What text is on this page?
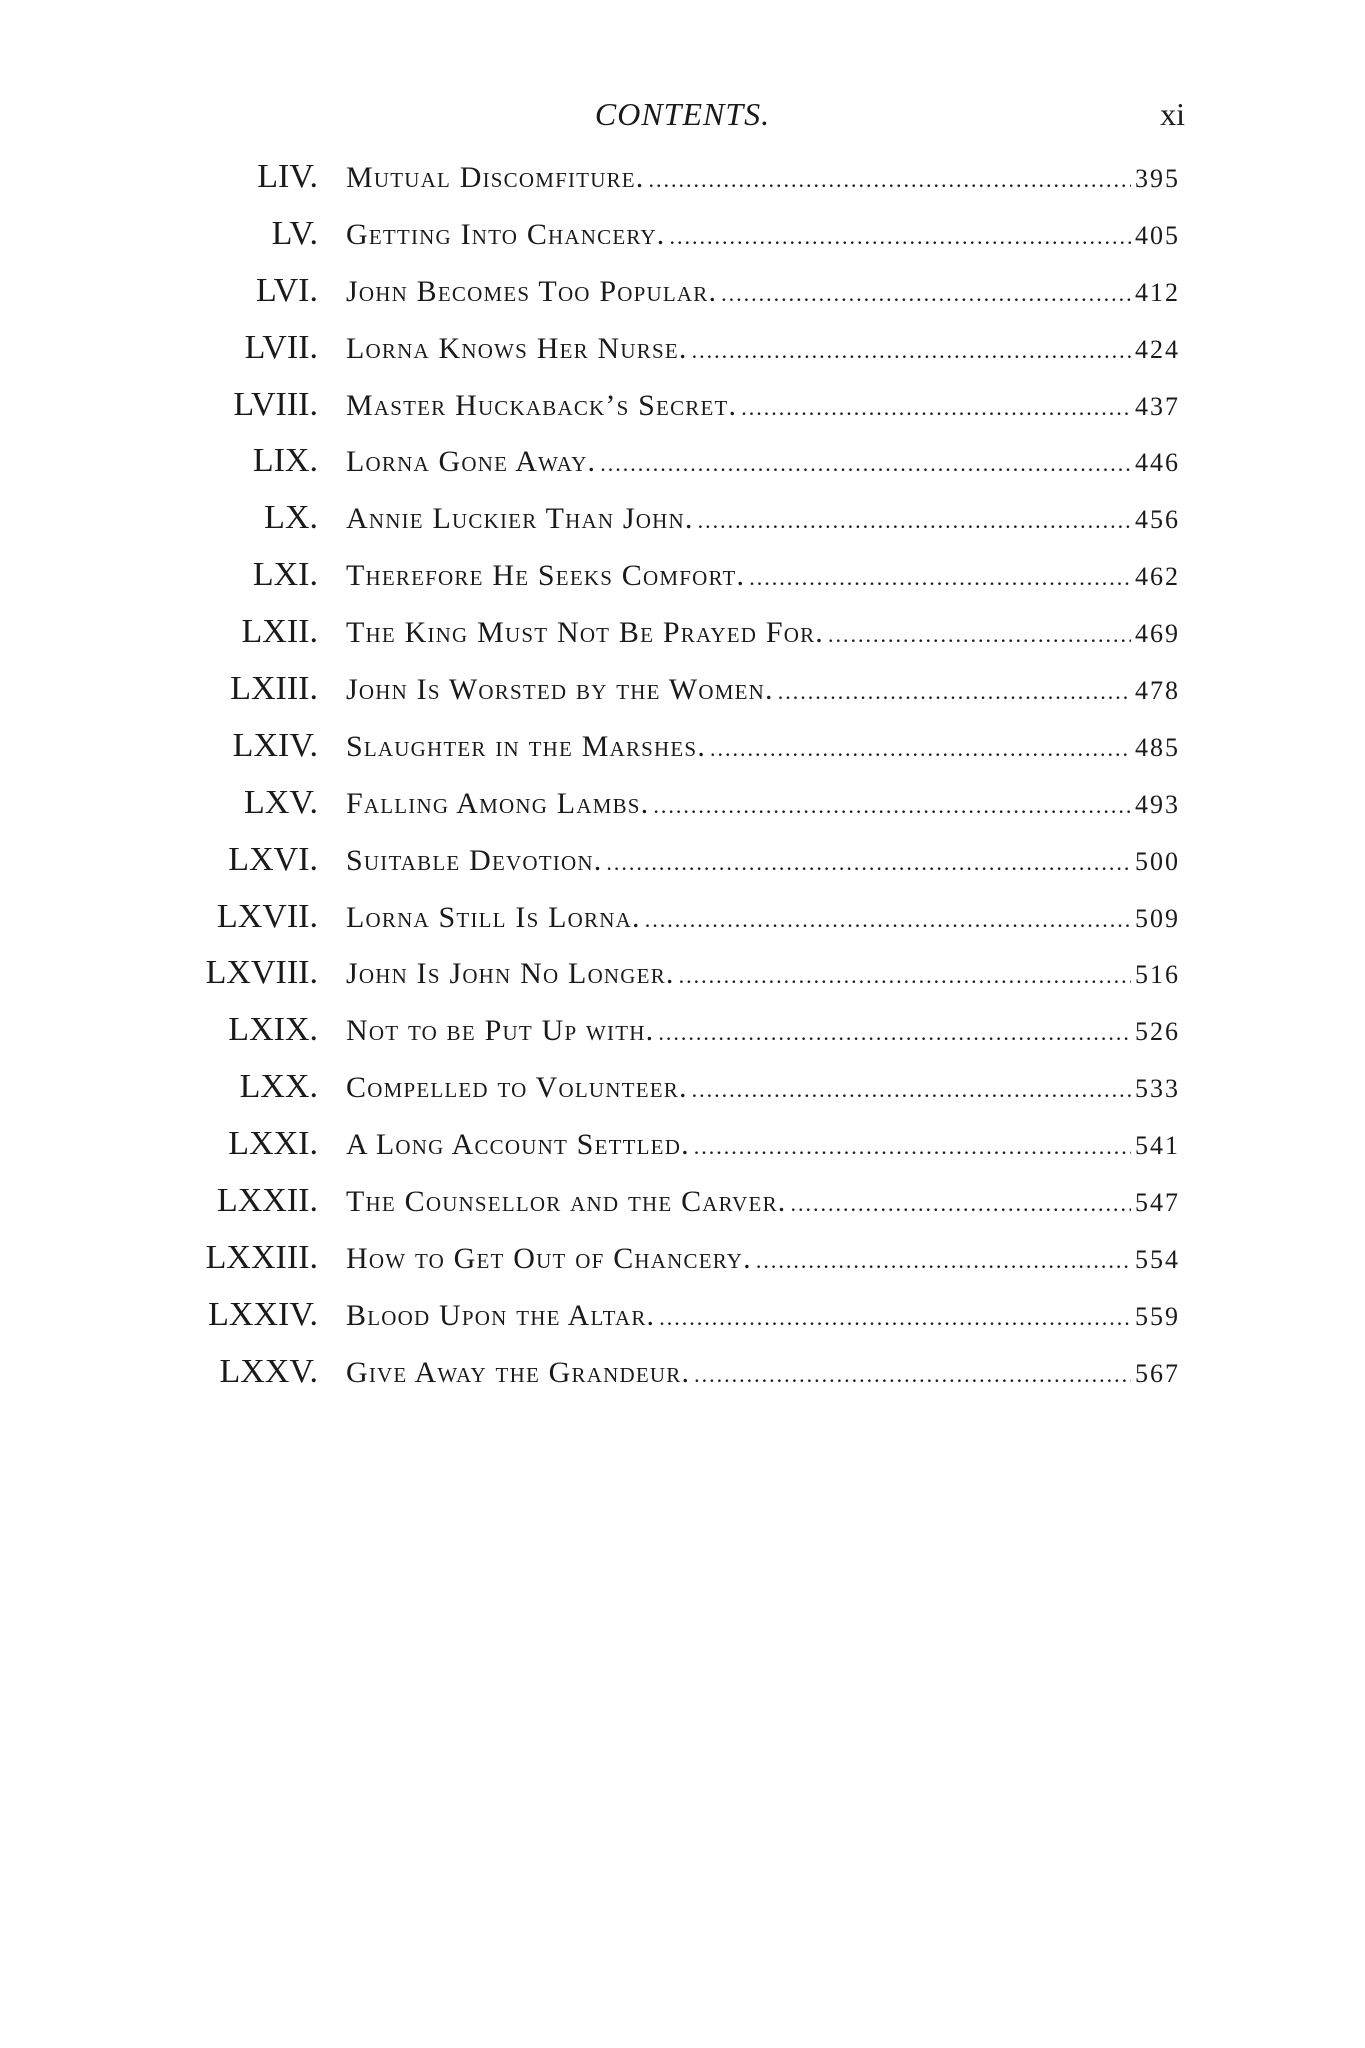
CONTENTS.	xi
LIV. Mutual Discomfiture. .....	395
LV. Getting Into Chancery. .....	405
LVI. John Becomes Too Popular. .....	412
LVII. Lorna Knows Her Nurse. .....	424
LVIII. Master Huckaback’s Secret. .....	437
LIX. Lorna Gone Away. .....	446
LX. Annie Luckier Than John. .....	456
LXI. Therefore He Seeks Comfort. .....	462
LXII. The King Must Not Be Prayed For. .....	469
LXIII. John Is Worsted by the Women. .....	478
LXIV. Slaughter in the Marshes. .....	485
LXV. Falling Among Lambs. .....	493
LXVI. Suitable Devotion. .....	500
LXVII. Lorna Still Is Lorna. .....	509
LXVIII. John Is John No Longer. .....	516
LXIX. Not to be Put Up with. .....	526
LXX. Compelled to Volunteer. .....	533
LXXI. A Long Account Settled. .....	541
LXXII. The Counsellor and the Carver. .....	547
LXXIII. How to Get Out of Chancery. .....	554
LXXIV. Blood Upon the Altar. .....	559
LXXV. Give Away the Grandeur. .....	567
